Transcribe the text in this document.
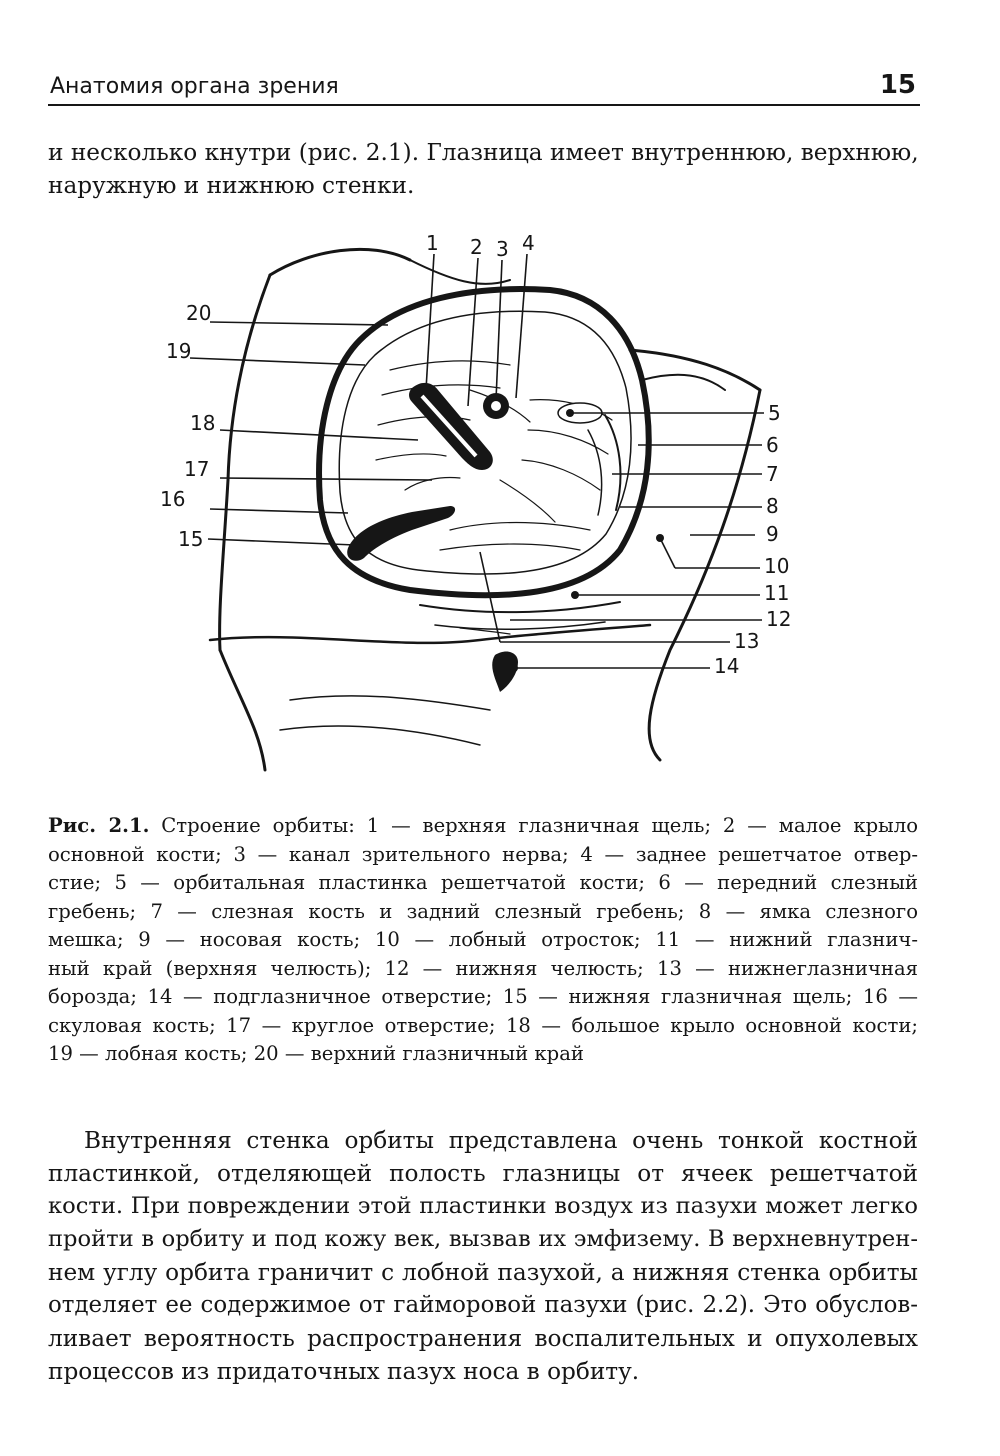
Анатомия органа зрения	15

и несколько кнутри (рис. 2.1). Глазница имеет внутреннюю, верхнюю,
наружную и нижнюю стенки.

1 2 3 4
5
6
7
8
9
10
11
12
13
14
15
16
17
18
19
20

Рис. 2.1. Строение орбиты: 1 — верхняя глазничная щель; 2 — малое крыло
основной кости; 3 — канал зрительного нерва; 4 — заднее решетчатое отвер-
стие; 5 — орбитальная пластинка решетчатой кости; 6 — передний слезный
гребень; 7 — слезная кость и задний слезный гребень; 8 — ямка слезного
мешка; 9 — носовая кость; 10 — лобный отросток; 11 — нижний глазнич-
ный край (верхняя челюсть); 12 — нижняя челюсть; 13 — нижнеглазничная
борозда; 14 — подглазничное отверстие; 15 — нижняя глазничная щель; 16 —
скуловая кость; 17 — круглое отверстие; 18 — большое крыло основной кости;
19 — лобная кость; 20 — верхний глазничный край

Внутренняя стенка орбиты представлена очень тонкой костной
пластинкой, отделяющей полость глазницы от ячеек решетчатой
кости. При повреждении этой пластинки воздух из пазухи может легко
пройти в орбиту и под кожу век, вызвав их эмфизему. В верхневнутрен-
нем углу орбита граничит с лобной пазухой, а нижняя стенка орбиты
отделяет ее содержимое от гайморовой пазухи (рис. 2.2). Это обуслов-
ливает вероятность распространения воспалительных и опухолевых
процессов из придаточных пазух носа в орбиту.
